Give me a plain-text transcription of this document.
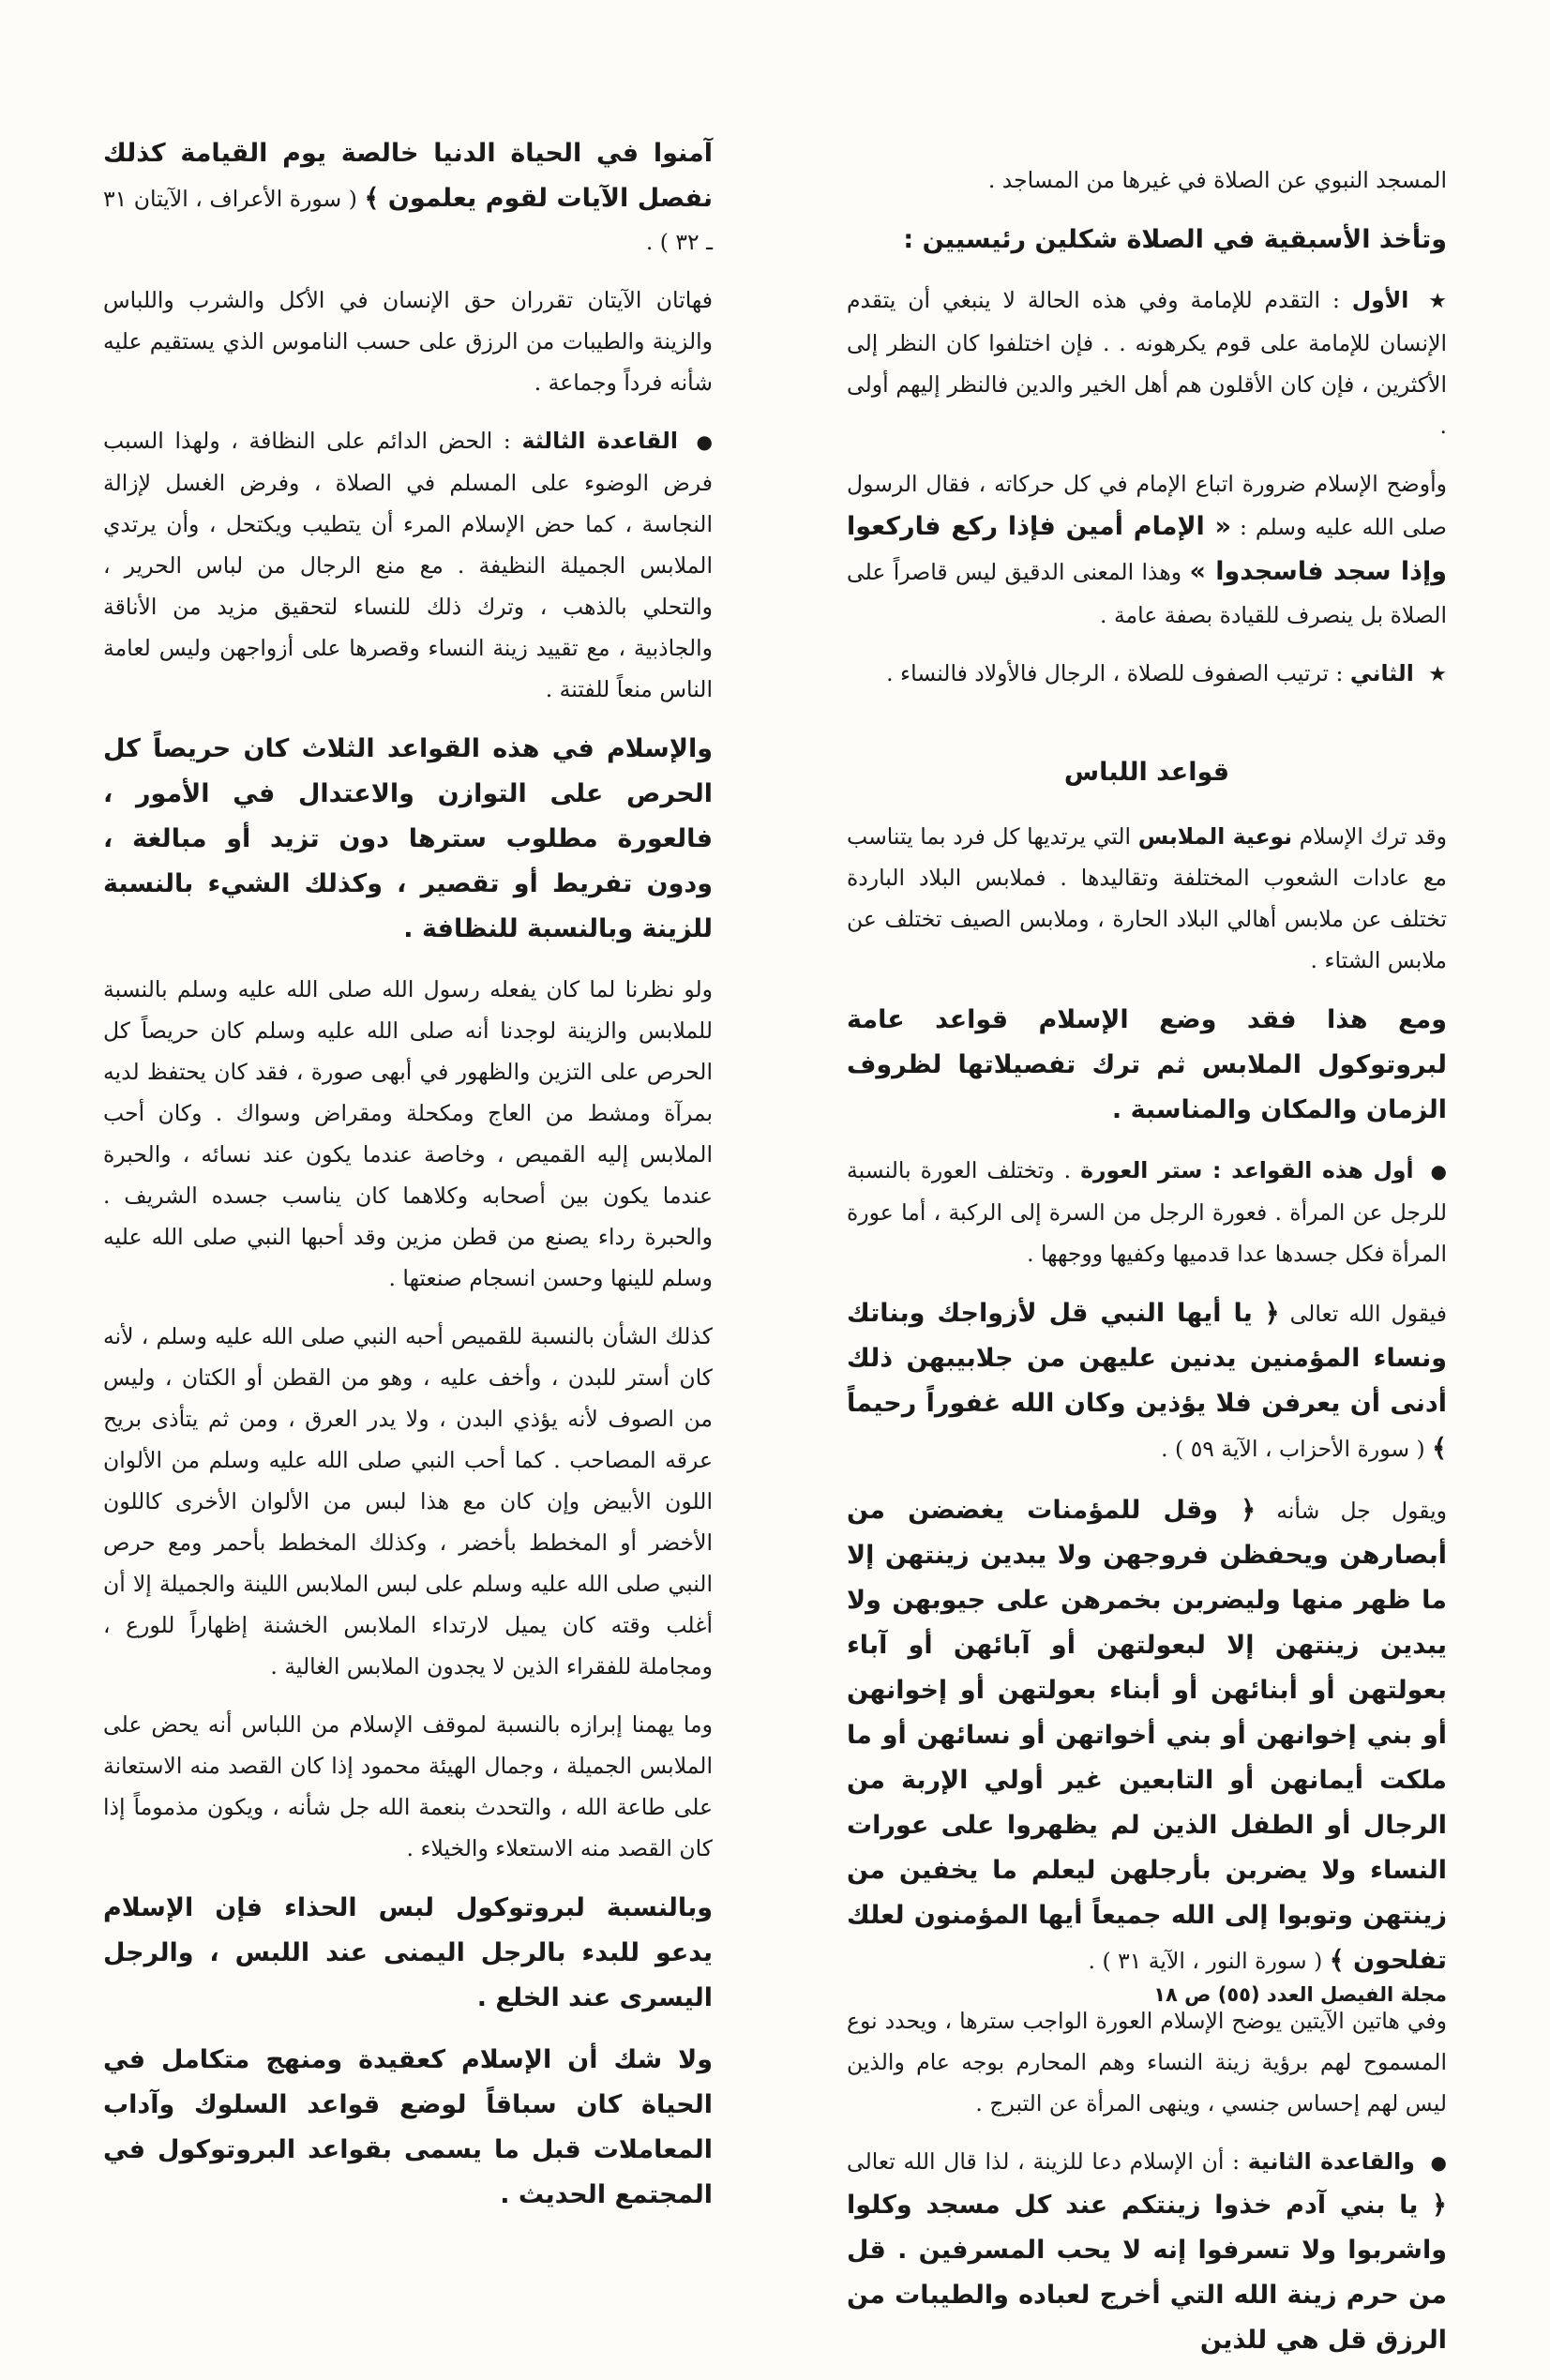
المسجد النبوي عن الصلاة في غيرها من المساجد .

وتأخذ الأسبقية في الصلاة شكلين رئيسيين :

★ الأول : التقدم للإمامة وفي هذه الحالة لا ينبغي أن يتقدم الإنسان للإمامة على قوم يكرهونه . . فإن اختلفوا كان النظر إلى الأكثرين ، فإن كان الأقلون هم أهل الخير والدين فالنظر إليهم أولى .

وأوضح الإسلام ضرورة اتباع الإمام في كل حركاته ، فقال الرسول صلى الله عليه وسلم : « الإمام أمين فإذا ركع فاركعوا وإذا سجد فاسجدوا » وهذا المعنى الدقيق ليس قاصراً على الصلاة بل ينصرف للقيادة بصفة عامة .

★ الثاني : ترتيب الصفوف للصلاة ، الرجال فالأولاد فالنساء .

قواعد اللباس

وقد ترك الإسلام نوعية الملابس التي يرتديها كل فرد بما يتناسب مع عادات الشعوب المختلفة وتقاليدها . فملابس البلاد الباردة تختلف عن ملابس أهالي البلاد الحارة ، وملابس الصيف تختلف عن ملابس الشتاء .

ومع هذا فقد وضع الإسلام قواعد عامة لبروتوكول الملابس ثم ترك تفصيلاتها لظروف الزمان والمكان والمناسبة .

● أول هذه القواعد : ستر العورة . وتختلف العورة بالنسبة للرجل عن المرأة . فعورة الرجل من السرة إلى الركبة ، أما عورة المرأة فكل جسدها عدا قدميها وكفيها ووجهها .

فيقول الله تعالى ﴿ يا أيها النبي قل لأزواجك وبناتك ونساء المؤمنين يدنين عليهن من جلابيبهن ذلك أدنى أن يعرفن فلا يؤذين وكان الله غفوراً رحيماً ﴾ ( سورة الأحزاب ، الآية ٥٩ ) .

ويقول جل شأنه ﴿ وقل للمؤمنات يغضضن من أبصارهن ويحفظن فروجهن ولا يبدين زينتهن إلا ما ظهر منها وليضربن بخمرهن على جيوبهن ولا يبدين زينتهن إلا لبعولتهن أو آبائهن أو آباء بعولتهن أو أبنائهن أو أبناء بعولتهن أو إخوانهن أو بني إخوانهن أو بني أخواتهن أو نسائهن أو ما ملكت أيمانهن أو التابعين غير أولي الإربة من الرجال أو الطفل الذين لم يظهروا على عورات النساء ولا يضربن بأرجلهن ليعلم ما يخفين من زينتهن وتوبوا إلى الله جميعاً أيها المؤمنون لعلك تفلحون ﴾ ( سورة النور ، الآية ٣١ ) .

وفي هاتين الآيتين يوضح الإسلام العورة الواجب سترها ، ويحدد نوع المسموح لهم برؤية زينة النساء وهم المحارم بوجه عام والذين ليس لهم إحساس جنسي ، وينهى المرأة عن التبرج .

● والقاعدة الثانية : أن الإسلام دعا للزينة ، لذا قال الله تعالى ﴿ يا بني آدم خذوا زينتكم عند كل مسجد وكلوا واشربوا ولا تسرفوا إنه لا يحب المسرفين . قل من حرم زينة الله التي أخرج لعباده والطيبات من الرزق قل هي للذين

آمنوا في الحياة الدنيا خالصة يوم القيامة كذلك نفصل الآيات لقوم يعلمون ﴾ ( سورة الأعراف ، الآيتان ٣١ ـ ٣٢ ) .

فهاتان الآيتان تقرران حق الإنسان في الأكل والشرب واللباس والزينة والطيبات من الرزق على حسب الناموس الذي يستقيم عليه شأنه فرداً وجماعة .

● القاعدة الثالثة : الحض الدائم على النظافة ، ولهذا السبب فرض الوضوء على المسلم في الصلاة ، وفرض الغسل لإزالة النجاسة ، كما حض الإسلام المرء أن يتطيب ويكتحل ، وأن يرتدي الملابس الجميلة النظيفة . مع منع الرجال من لباس الحرير ، والتحلي بالذهب ، وترك ذلك للنساء لتحقيق مزيد من الأناقة والجاذبية ، مع تقييد زينة النساء وقصرها على أزواجهن وليس لعامة الناس منعاً للفتنة .

والإسلام في هذه القواعد الثلاث كان حريصاً كل الحرص على التوازن والاعتدال في الأمور ، فالعورة مطلوب سترها دون تزيد أو مبالغة ، ودون تفريط أو تقصير ، وكذلك الشيء بالنسبة للزينة وبالنسبة للنظافة .

ولو نظرنا لما كان يفعله رسول الله صلى الله عليه وسلم بالنسبة للملابس والزينة لوجدنا أنه صلى الله عليه وسلم كان حريصاً كل الحرص على التزين والظهور في أبهى صورة ، فقد كان يحتفظ لديه بمرآة ومشط من العاج ومكحلة ومقراض وسواك . وكان أحب الملابس إليه القميص ، وخاصة عندما يكون عند نسائه ، والحبرة عندما يكون بين أصحابه وكلاهما كان يناسب جسده الشريف . والحبرة رداء يصنع من قطن مزين وقد أحبها النبي صلى الله عليه وسلم للينها وحسن انسجام صنعتها .

كذلك الشأن بالنسبة للقميص أحبه النبي صلى الله عليه وسلم ، لأنه كان أستر للبدن ، وأخف عليه ، وهو من القطن أو الكتان ، وليس من الصوف لأنه يؤذي البدن ، ولا يدر العرق ، ومن ثم يتأذى بريح عرقه المصاحب . كما أحب النبي صلى الله عليه وسلم من الألوان اللون الأبيض وإن كان مع هذا لبس من الألوان الأخرى كاللون الأخضر أو المخطط بأخضر ، وكذلك المخطط بأحمر ومع حرص النبي صلى الله عليه وسلم على لبس الملابس اللينة والجميلة إلا أن أغلب وقته كان يميل لارتداء الملابس الخشنة إظهاراً للورع ، ومجاملة للفقراء الذين لا يجدون الملابس الغالية .

وما يهمنا إبرازه بالنسبة لموقف الإسلام من اللباس أنه يحض على الملابس الجميلة ، وجمال الهيئة محمود إذا كان القصد منه الاستعانة على طاعة الله ، والتحدث بنعمة الله جل شأنه ، ويكون مذموماً إذا كان القصد منه الاستعلاء والخيلاء .

وبالنسبة لبروتوكول لبس الحذاء فإن الإسلام يدعو للبدء بالرجل اليمنى عند اللبس ، والرجل اليسرى عند الخلع .

ولا شك أن الإسلام كعقيدة ومنهج متكامل في الحياة كان سباقاً لوضع قواعد السلوك وآداب المعاملات قبل ما يسمى بقواعد البروتوكول في المجتمع الحديث .

مجلة الفيصل العدد (٥٥) ص ١٨
